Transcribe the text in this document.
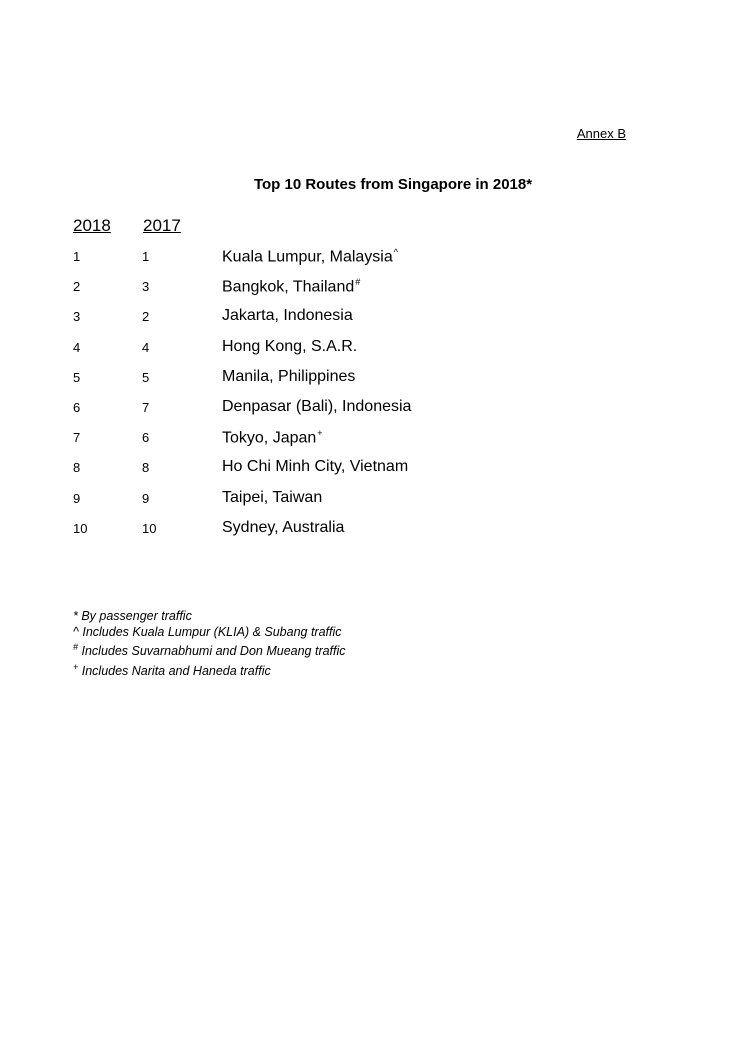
Annex B
Top 10 Routes from Singapore in 2018*
2018 2017
1	1	Kuala Lumpur, Malaysia^
2	3	Bangkok, Thailand#
3	2	Jakarta, Indonesia
4	4	Hong Kong, S.A.R.
5	5	Manila, Philippines
6	7	Denpasar (Bali), Indonesia
7	6	Tokyo, Japan+
8	8	Ho Chi Minh City, Vietnam
9	9	Taipei, Taiwan
10	10	Sydney, Australia
* By passenger traffic
^ Includes Kuala Lumpur (KLIA) & Subang traffic
# Includes Suvarnabhumi and Don Mueang traffic
+ Includes Narita and Haneda traffic
